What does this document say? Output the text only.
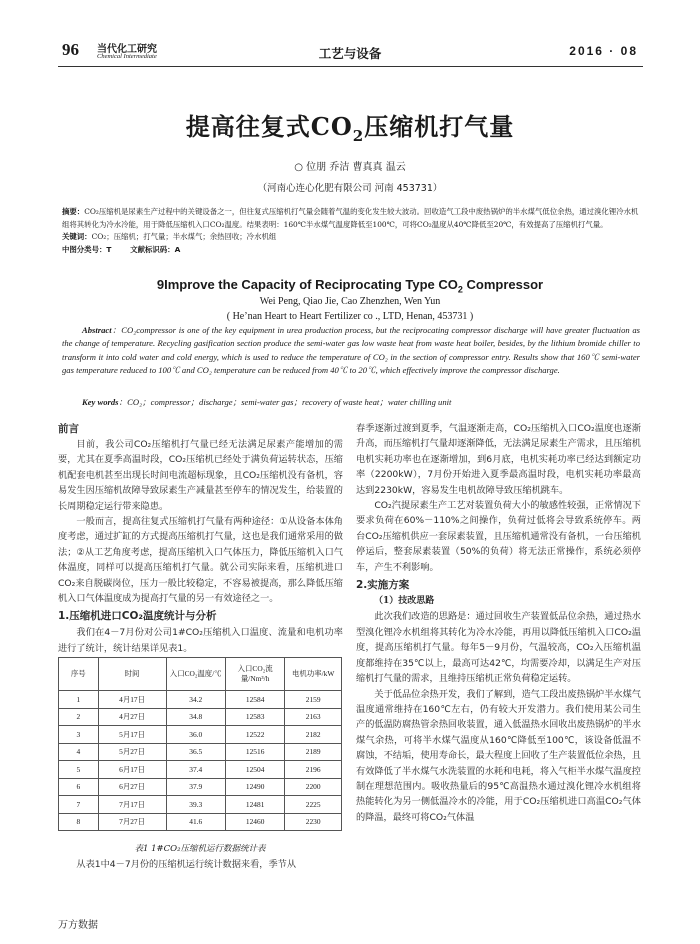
96 当代化工研究
Chemical Intermediate	工艺与设备	2016 · 08
提高往复式$CO_2$压缩机打气量
○ 位朋 乔洁 曹真真 温云
（河南心连心化肥有限公司 河南 453731）
摘要：CO₂压缩机是尿素生产过程中的关键设备之一，但往复式压缩机打气量会随着气温的变化发生较大波动。回收造气工段中废热锅炉的半水煤气低位余热，通过溴化锂冷水机组将其转化为冷水冷能，用于降低压缩机入口CO₂温度。结果表明：160℃半水煤气温度降低至100℃，可将CO₂温度从40℃降低至20℃，有效提高了压缩机打气量。
关键词：CO₂；压缩机；打气量；半水煤气；余热回收；冷水机组
中图分类号：T	文献标识码：A
9Improve the Capacity of Reciprocating Type $CO_2$ Compressor
Wei Peng, Qiao Jie, Cao Zhenzhen, Wen Yun
( He’nan Heart to Heart Fertilizer co ., LTD, Henan, 453731 )
Abstract：CO₂compressor is one of the key equipment in urea production process, but the reciprocating compressor discharge will have greater fluctuation as the change of temperature. Recycling gasification section produce the semi-water gas low waste heat from waste heat boiler, besides, by the lithium bromide chiller to transform it into cold water and cold energy, which is used to reduce the temperature of CO₂ in the section of compressor entry. Results show that 160℃ semi-water gas temperature reduced to 100℃ and CO₂ temperature can be reduced from 40℃ to 20℃, which effectively improve the compressor discharge.
Key words：CO₂；compressor；discharge；semi-water gas；recovery of waste heat；water chilling unit
前言

目前，我公司CO₂压缩机打气量已经无法满足尿素产能增加的需要，尤其在夏季高温时段，CO₂压缩机已经处于满负荷运转状态，压缩机配套电机甚至出现长时间电流超标现象，且CO₂压缩机没有备机，容易发生因压缩机故障导致尿素生产减量甚至停车的情况发生，给装置的长周期稳定运行带来隐患。

一般而言，提高往复式压缩机打气量有两种途径：①从设备本体角度考虑，通过扩缸的方式提高压缩机打气量，这也是我们通常采用的做法；②从工艺角度考虑，提高压缩机入口气体压力，降低压缩机入口气体温度，同样可以提高压缩机打气量。就公司实际来看，压缩机进口CO₂来自脱碳岗位，压力一般比较稳定，不容易被提高，那么降低压缩机入口气体温度成为提高打气量的另一有效途径之一。

1.压缩机进口CO₂温度统计与分析

我们在4－7月份对公司1#CO₂压缩机入口温度、流量和电机功率进行了统计，统计结果详见表1。

序号	时间	入口CO₂温度/℃	入口CO₂流量/Nm³/h	电机功率/kW
1	4月17日	34.2	12584	2159
2	4月27日	34.8	12583	2163
3	5月17日	36.0	12522	2182
4	5月27日	36.5	12516	2189
5	6月17日	37.4	12504	2196
6	6月27日	37.9	12490	2200
7	7月17日	39.3	12481	2225
8	7月27日	41.6	12460	2230
表1 1#CO₂压缩机运行数据统计表

从表1中4－7月份的压缩机运行统计数据来看，季节从

春季逐渐过渡到夏季，气温逐渐走高，CO₂压缩机入口CO₂温度也逐渐升高，而压缩机打气量却逐渐降低，无法满足尿素生产需求，且压缩机电机实耗功率也在逐渐增加，到6月底，电机实耗功率已经达到额定功率（2200kW），7月份开始进入夏季最高温时段，电机实耗功率最高达到2230kW，容易发生电机故障导致压缩机跳车。

CO₂汽提尿素生产工艺对装置负荷大小的敏感性较强，正常情况下要求负荷在60%－110%之间操作，负荷过低将会导致系统停车。两台CO₂压缩机供应一套尿素装置，且压缩机通常没有备机，一台压缩机停运后，整套尿素装置（50%的负荷）将无法正常操作，系统必须停车，产生不利影响。

2.实施方案
（1）技改思路

此次我们改造的思路是：通过回收生产装置低品位余热，通过热水型溴化锂冷水机组将其转化为冷水冷能，再用以降低压缩机入口CO₂温度，提高压缩机打气量。每年5－9月份，气温较高，CO₂入压缩机温度都维持在35℃以上，最高可达42℃，均需要冷却，以满足生产对压缩机打气量的需求，且维持压缩机正常负荷稳定运转。

关于低品位余热开发，我们了解到，造气工段出废热锅炉半水煤气温度通常维持在160℃左右，仍有较大开发潜力。我们使用某公司生产的低温防腐热管余热回收装置，通入低温热水回收出废热锅炉的半水煤气余热，可将半水煤气温度从160℃降低至100℃，该设备低温不腐蚀，不结垢，使用寿命长，最大程度上回收了生产装置低位余热，且有效降低了半水煤气水洗装置的水耗和电耗，将入气柜半水煤气温度控制在理想范围内。吸收热量后的95℃高温热水通过溴化锂冷水机组将热能转化为另一侧低温冷水的冷能，用于CO₂压缩机进口高温CO₂气体的降温，最终可将CO₂气体温

万方数据
